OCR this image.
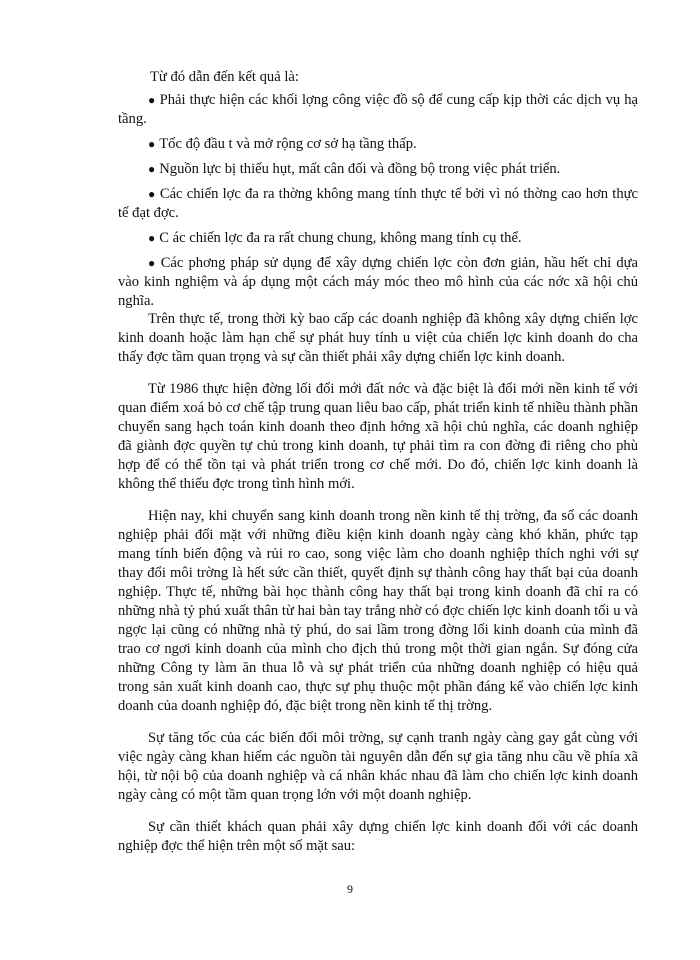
Từ đó dẫn đến kết quả là:

● Phải thực hiện các khối lợng công việc đồ sộ để cung cấp kịp thời các dịch vụ hạ tầng.
● Tốc độ đầu t và mở rộng cơ sở hạ tầng thấp.
● Nguồn lực bị thiếu hụt, mất cân đối và đồng bộ trong việc phát triển.
● Các chiến lợc đa ra thờng không mang tính thực tế bởi vì nó thờng cao hơn thực tế đạt đợc.
● C ác chiến lợc đa ra rất chung chung, không mang tính cụ thể.
● Các phơng pháp sử dụng để xây dựng chiến lợc còn đơn giản, hầu hết chỉ dựa vào kinh nghiệm và áp dụng một cách máy móc theo mô hình của các nớc xã hội chủ nghĩa.

Trên thực tế, trong thời kỳ bao cấp các doanh nghiệp đã không xây dựng chiến lợc kinh doanh hoặc làm hạn chế sự phát huy tính u việt của chiến lợc kinh doanh do cha thấy đợc tầm quan trọng và sự cần thiết phải xây dựng chiến lợc kinh doanh.

Từ 1986 thực hiện đờng lối đổi mới đất nớc và đặc biệt là đổi mới nền kinh tế với quan điểm xoá bỏ cơ chế tập trung quan liêu bao cấp, phát triển kinh tế nhiều thành phần chuyển sang hạch toán kinh doanh theo định hớng xã hội chủ nghĩa, các doanh nghiệp đã giành đợc quyền tự chủ trong kinh doanh, tự phải tìm ra con đờng đi riêng cho phù hợp để có thể tồn tại và phát triển trong cơ chế mới. Do đó, chiến lợc kinh doanh là không thể thiếu đợc trong tình hình mới.

Hiện nay, khi chuyển sang kinh doanh trong nền kinh tế thị trờng, đa số các doanh nghiệp phải đối mặt với những điều kiện kinh doanh ngày càng khó khăn, phức tạp mang tính biến động và rủi ro cao, song việc làm cho doanh nghiệp thích nghi với sự thay đổi môi trờng là hết sức cần thiết, quyết định sự thành công hay thất bại của doanh nghiệp. Thực tế, những bài học thành công hay thất bại trong kinh doanh đã chỉ ra có những nhà tỷ phú xuất thân từ hai bàn tay trắng nhờ có đợc chiến lợc kinh doanh tối u và ngợc lại cũng có những nhà tỷ phú, do sai lầm trong đờng lối kinh doanh của mình đã trao cơ ngơi kinh doanh của mình cho địch thủ trong một thời gian ngắn. Sự đóng cửa những Công ty làm ăn thua lỗ và sự phát triển của những doanh nghiệp có hiệu quả trong sản xuất kinh doanh cao, thực sự phụ thuộc một phần đáng kể vào chiến lợc kinh doanh của doanh nghiệp đó, đặc biệt trong nền kinh tế thị trờng.

Sự tăng tốc của các biến đổi môi trờng, sự cạnh tranh ngày càng gay gắt cùng với việc ngày càng khan hiếm các nguồn tài nguyên dẫn đến sự gia tăng nhu cầu về phía xã hội, từ nội bộ của doanh nghiệp và cá nhân khác nhau đã làm cho chiến lợc kinh doanh ngày càng có một tầm quan trọng lớn với một doanh nghiệp.

Sự cần thiết khách quan phải xây dựng chiến lợc kinh doanh đối với các doanh nghiệp đợc thể hiện trên một số mặt sau:

9
